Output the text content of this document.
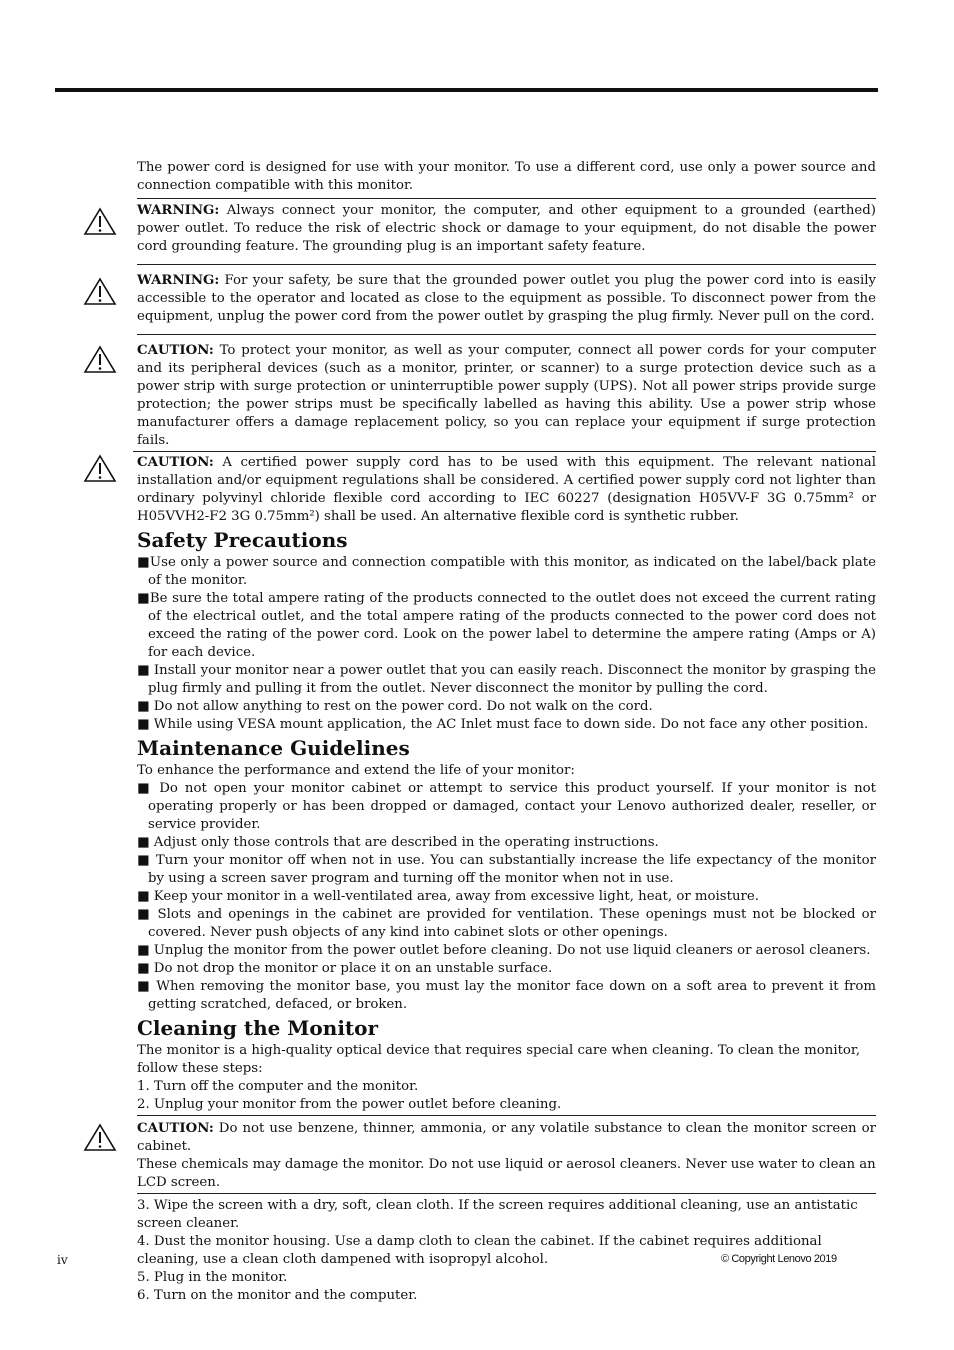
The power cord is designed for use with your monitor. To use a different cord, use only a power source and connection compatible with this monitor.

WARNING: Always connect your monitor, the computer, and other equipment to a grounded (earthed) power outlet. To reduce the risk of electric shock or damage to your equipment, do not disable the power cord grounding feature. The grounding plug is an important safety feature.
WARNING: For your safety, be sure that the grounded power outlet you plug the power cord into is easily accessible to the operator and located as close to the equipment as possible. To disconnect power from the equipment, unplug the power cord from the power outlet by grasping the plug firmly. Never pull on the cord.
CAUTION: To protect your monitor, as well as your computer, connect all power cords for your computer and its peripheral devices (such as a monitor, printer, or scanner) to a surge protection device such as a power strip with surge protection or uninterruptible power supply (UPS). Not all power strips provide surge protection; the power strips must be specifically labelled as having this ability. Use a power strip whose manufacturer offers a damage replacement policy, so you can replace your equipment if surge protection fails.
CAUTION: A certified power supply cord has to be used with this equipment. The relevant national installation and/or equipment regulations shall be considered. A certified power supply cord not lighter than ordinary polyvinyl chloride flexible cord according to IEC 60227 (designation H05VV-F 3G 0.75mm² or H05VVH2-F2 3G 0.75mm²) shall be used. An alternative flexible cord is synthetic rubber.
Safety Precautions
■Use only a power source and connection compatible with this monitor, as indicated on the label/back plate of the monitor.
■Be sure the total ampere rating of the products connected to the outlet does not exceed the current rating of the electrical outlet, and the total ampere rating of the products connected to the power cord does not exceed the rating of the power cord. Look on the power label to determine the ampere rating (Amps or A) for each device.
■ Install your monitor near a power outlet that you can easily reach. Disconnect the monitor by grasping the plug firmly and pulling it from the outlet. Never disconnect the monitor by pulling the cord.
■ Do not allow anything to rest on the power cord. Do not walk on the cord.
■ While using VESA mount application, the AC Inlet must face to down side. Do not face any other position.
Maintenance Guidelines

To enhance the performance and extend the life of your monitor:

■ Do not open your monitor cabinet or attempt to service this product yourself. If your monitor is not operating properly or has been dropped or damaged, contact your Lenovo authorized dealer, reseller, or service provider.
■ Adjust only those controls that are described in the operating instructions.
■ Turn your monitor off when not in use. You can substantially increase the life expectancy of the monitor by using a screen saver program and turning off the monitor when not in use.
■ Keep your monitor in a well-ventilated area, away from excessive light, heat, or moisture.
■ Slots and openings in the cabinet are provided for ventilation. These openings must not be blocked or covered. Never push objects of any kind into cabinet slots or other openings.
■ Unplug the monitor from the power outlet before cleaning. Do not use liquid cleaners or aerosol cleaners.
■ Do not drop the monitor or place it on an unstable surface.
■ When removing the monitor base, you must lay the monitor face down on a soft area to prevent it from getting scratched, defaced, or broken.
Cleaning the Monitor

The monitor is a high-quality optical device that requires special care when cleaning. To clean the monitor, follow these steps:

1. Turn off the computer and the monitor.
2. Unplug your monitor from the power outlet before cleaning.
CAUTION: Do not use benzene, thinner, ammonia, or any volatile substance to clean the monitor screen or cabinet.
These chemicals may damage the monitor. Do not use liquid or aerosol cleaners. Never use water to clean an LCD screen.
3. Wipe the screen with a dry, soft, clean cloth. If the screen requires additional cleaning, use an antistatic screen cleaner.
4. Dust the monitor housing. Use a damp cloth to clean the cabinet. If the cabinet requires additional cleaning, use a clean cloth dampened with isopropyl alcohol.
5. Plug in the monitor.
6. Turn on the monitor and the computer.
iv	© Copyright Lenovo 2019
